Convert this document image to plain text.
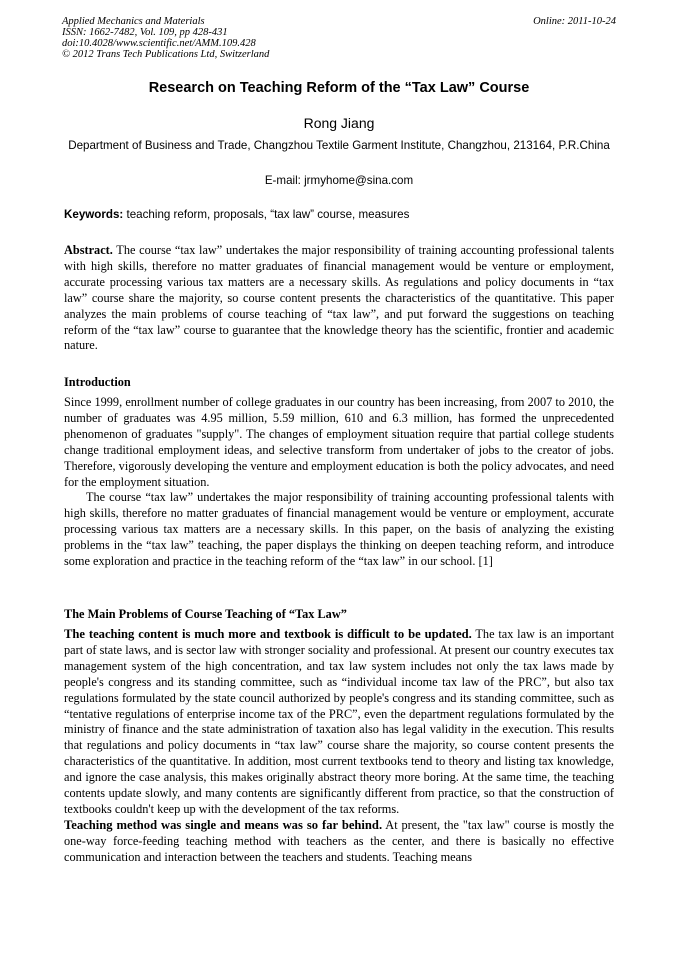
Applied Mechanics and Materials
ISSN: 1662-7482, Vol. 109, pp 428-431
doi:10.4028/www.scientific.net/AMM.109.428
© 2012 Trans Tech Publications Ltd, Switzerland
Online: 2011-10-24
Research on Teaching Reform of the “Tax Law” Course
Rong Jiang
Department of Business and Trade, Changzhou Textile Garment Institute, Changzhou, 213164, P.R.China
E-mail: jrmyhome@sina.com
Keywords: teaching reform, proposals, “tax law” course, measures

Abstract. The course “tax law” undertakes the major responsibility of training accounting professional talents with high skills, therefore no matter graduates of financial management would be venture or employment, accurate processing various tax matters are a necessary skills. As regulations and policy documents in “tax law” course share the majority, so course content presents the characteristics of the quantitative. This paper analyzes the main problems of course teaching of “tax law”, and put forward the suggestions on teaching reform of the “tax law” course to guarantee that the knowledge theory has the scientific, frontier and academic nature.

Introduction

Since 1999, enrollment number of college graduates in our country has been increasing, from 2007 to 2010, the number of graduates was 4.95 million, 5.59 million, 610 and 6.3 million, has formed the unprecedented phenomenon of graduates "supply". The changes of employment situation require that partial college students change traditional employment ideas, and selective transform from undertaker of jobs to the creator of jobs. Therefore, vigorously developing the venture and employment education is both the policy advocates, and need for the employment situation.

The course “tax law” undertakes the major responsibility of training accounting professional talents with high skills, therefore no matter graduates of financial management would be venture or employment, accurate processing various tax matters are a necessary skills. In this paper, on the basis of analyzing the existing problems in the “tax law” teaching, the paper displays the thinking on deepen teaching reform, and introduce some exploration and practice in the teaching reform of the “tax law” in our school. [1]

The Main Problems of Course Teaching of “Tax Law”

The teaching content is much more and textbook is difficult to be updated. The tax law is an important part of state laws, and is sector law with stronger sociality and professional. At present our country executes tax management system of the high concentration, and tax law system includes not only the tax laws made by people's congress and its standing committee, such as “individual income tax law of the PRC”, but also tax regulations formulated by the state council authorized by people's congress and its standing committee, such as “tentative regulations of enterprise income tax of the PRC”, even the department regulations formulated by the ministry of finance and the state administration of taxation also has legal validity in the execution. This results that regulations and policy documents in “tax law” course share the majority, so course content presents the characteristics of the quantitative. In addition, most current textbooks tend to theory and listing tax knowledge, and ignore the case analysis, this makes originally abstract theory more boring. At the same time, the teaching contents update slowly, and many contents are significantly different from practice, so that the construction of textbooks couldn't keep up with the development of the tax reforms.

Teaching method was single and means was so far behind. At present, the "tax law" course is mostly the one-way force-feeding teaching method with teachers as the center, and there is basically no effective communication and interaction between the teachers and students. Teaching means
